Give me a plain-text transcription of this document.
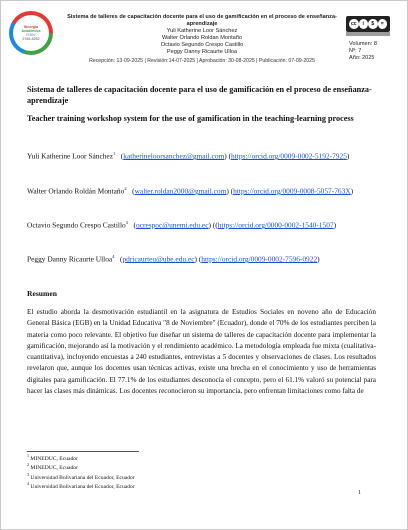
Sinergia
Académica
ISSN:
2765-8252
Sistema de talleres de capacitación docente para el uso de gamificación en el proceso de enseñanza-aprendizaje
Yuli Katherine Loor Sánchez
Walter Orlando Roldan Montaño
Octavio Segundo Crespo Castillo
Peggy Danny Ricaurte Ulloa
Recepción: 13-09-2025 | Revisión:14-07-2025 | Aprobación: 30-08-2025 | Publicación: 07-09-2025
cc	i	$	=
Volumen: 8
Nº: 7
Año: 2025
Sistema de talleres de capacitación docente para el uso de gamificación en el proceso de enseñanza-aprendizaje
Teacher training workshop system for the use of gamification in the teaching-learning process
Yuli Katherine Loor Sánchez$^1$   (katherineloorsanchez@gmail.com) (https://orcid.org/0009-0002-5192-7925)
Walter Orlando Roldán Montaño$^2$   (walter.roldan2000@gmail.com) (https://orcid.org/0009-0008-5057-763X)
Octavio Segundo Crespo Castillo$^3$   (ocrespoc@unemi.edu.ec) ((https://orcid.org/0000-0002-1540-1507)
Peggy Danny Ricaurte Ulloa$^4$   (pdricaurteu@ube.edu.ec) (https://orcid.org/0009-0002-7596-0922)
Resumen
El estudio aborda la desmotivación estudiantil en la asignatura de Estudios Sociales en noveno año de Educación General Básica (EGB) en la Unidad Educativa "8 de Noviembre" (Ecuador), donde el 70% de los estudiantes perciben la materia como poco relevante. El objetivo fue diseñar un sistema de talleres de capacitación docente para implementar la gamificación, mejorando así la motivación y el rendimiento académico. La metodología empleada fue mixta (cualitativa-cuantitativa), incluyendo encuestas a 240 estudiantes, entrevistas a 5 docentes y observaciones de clases. Los resultados revelaron que, aunque los docentes usan técnicas activas, existe una brecha en el conocimiento y uso de herramientas digitales para gamificación. El 77.1% de los estudiantes desconocía el concepto, pero el 61.1% valoró su potencial para hacer las clases más dinámicas. Los docentes reconocieron su importancia, pero enfrentan limitaciones como falta de
$^1$ MINEDUC, Ecuador
$^2$ MINEDUC, Ecuador
$^3$ Universidad Bolivariana del Ecuador, Ecuador
$^4$ Universidad Bolivariana del Ecuador, Ecuador
1
